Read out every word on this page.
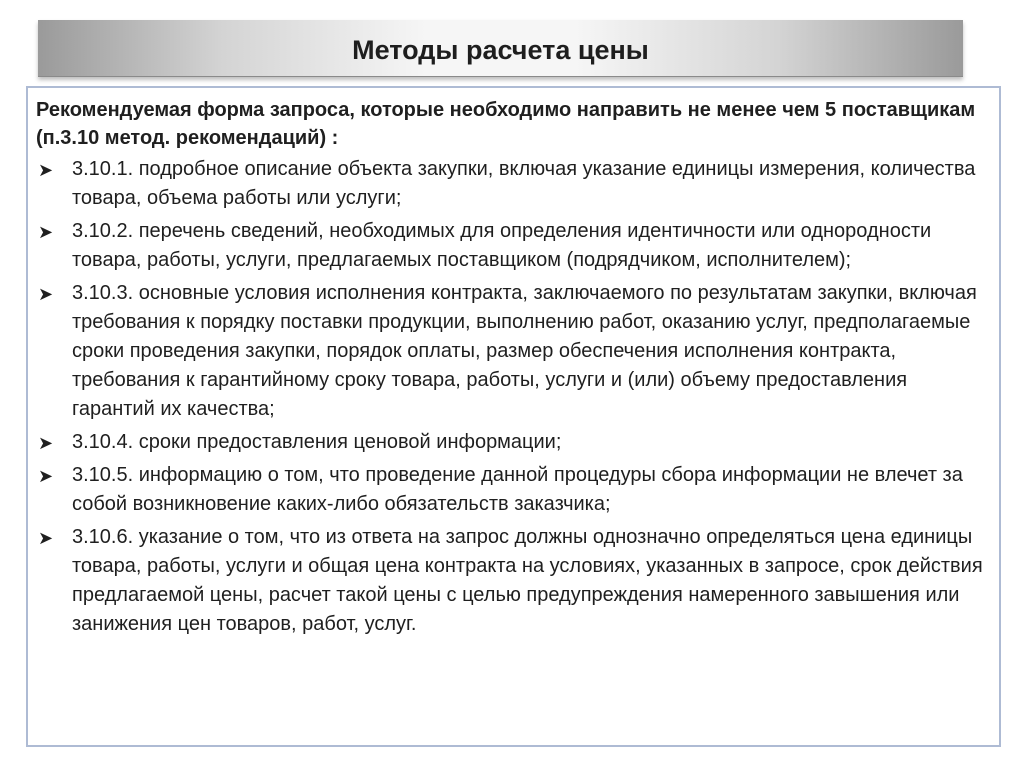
Методы расчета цены

Рекомендуемая форма запроса, которые необходимо направить не менее чем 5 поставщикам (п.3.10 метод. рекомендаций) :

➤ 3.10.1. подробное описание объекта закупки, включая указание единицы измерения, количества товара, объема работы или услуги;
➤ 3.10.2. перечень сведений, необходимых для определения идентичности или однородности товара, работы, услуги, предлагаемых поставщиком (подрядчиком, исполнителем);
➤ 3.10.3. основные условия исполнения контракта, заключаемого по результатам закупки, включая требования к порядку поставки продукции, выполнению работ, оказанию услуг, предполагаемые сроки проведения закупки, порядок оплаты, размер обеспечения исполнения контракта, требования к гарантийному сроку товара, работы, услуги и (или) объему предоставления гарантий их качества;
➤ 3.10.4. сроки предоставления ценовой информации;
➤ 3.10.5. информацию о том, что проведение данной процедуры сбора информации не влечет за собой возникновение каких-либо обязательств заказчика;
➤ 3.10.6. указание о том, что из ответа на запрос должны однозначно определяться цена единицы товара, работы, услуги и общая цена контракта на условиях, указанных в запросе, срок действия предлагаемой цены, расчет такой цены с целью предупреждения намеренного завышения или занижения цен товаров, работ, услуг.
